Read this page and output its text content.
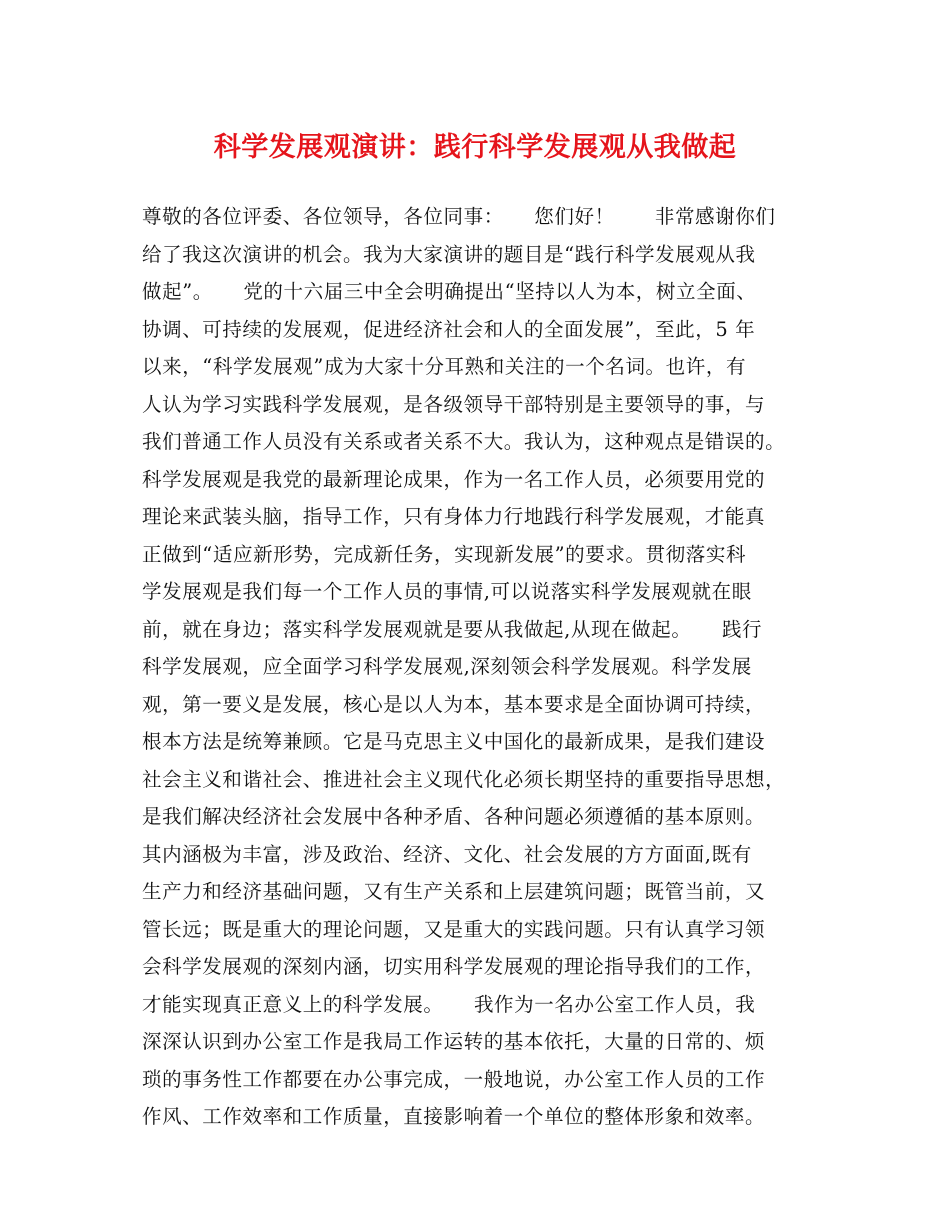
科学发展观演讲：践行科学发展观从我做起
尊敬的各位评委、各位领导，各位同事：　　您们好！　　非常感谢你们
给了我这次演讲的机会。我为大家演讲的题目是“践行科学发展观从我
做起”。　　党的十六届三中全会明确提出“坚持以人为本，树立全面、
协调、可持续的发展观，促进经济社会和人的全面发展”，至此，5 年
以来，“科学发展观”成为大家十分耳熟和关注的一个名词。也许，有
人认为学习实践科学发展观，是各级领导干部特别是主要领导的事，与
我们普通工作人员没有关系或者关系不大。我认为，这种观点是错误的。
科学发展观是我党的最新理论成果，作为一名工作人员，必须要用党的
理论来武装头脑，指导工作，只有身体力行地践行科学发展观，才能真
正做到“适应新形势，完成新任务，实现新发展”的要求。贯彻落实科
学发展观是我们每一个工作人员的事情,可以说落实科学发展观就在眼
前，就在身边；落实科学发展观就是要从我做起,从现在做起。　　践行
科学发展观，应全面学习科学发展观,深刻领会科学发展观。科学发展
观，第一要义是发展，核心是以人为本，基本要求是全面协调可持续，
根本方法是统筹兼顾。它是马克思主义中国化的最新成果，是我们建设
社会主义和谐社会、推进社会主义现代化必须长期坚持的重要指导思想，
是我们解决经济社会发展中各种矛盾、各种问题必须遵循的基本原则。
其内涵极为丰富，涉及政治、经济、文化、社会发展的方方面面,既有
生产力和经济基础问题，又有生产关系和上层建筑问题；既管当前，又
管长远；既是重大的理论问题，又是重大的实践问题。只有认真学习领
会科学发展观的深刻内涵，切实用科学发展观的理论指导我们的工作，
才能实现真正意义上的科学发展。　　我作为一名办公室工作人员，我
深深认识到办公室工作是我局工作运转的基本依托，大量的日常的、烦
琐的事务性工作都要在办公事完成，一般地说，办公室工作人员的工作
作风、工作效率和工作质量，直接影响着一个单位的整体形象和效率。
